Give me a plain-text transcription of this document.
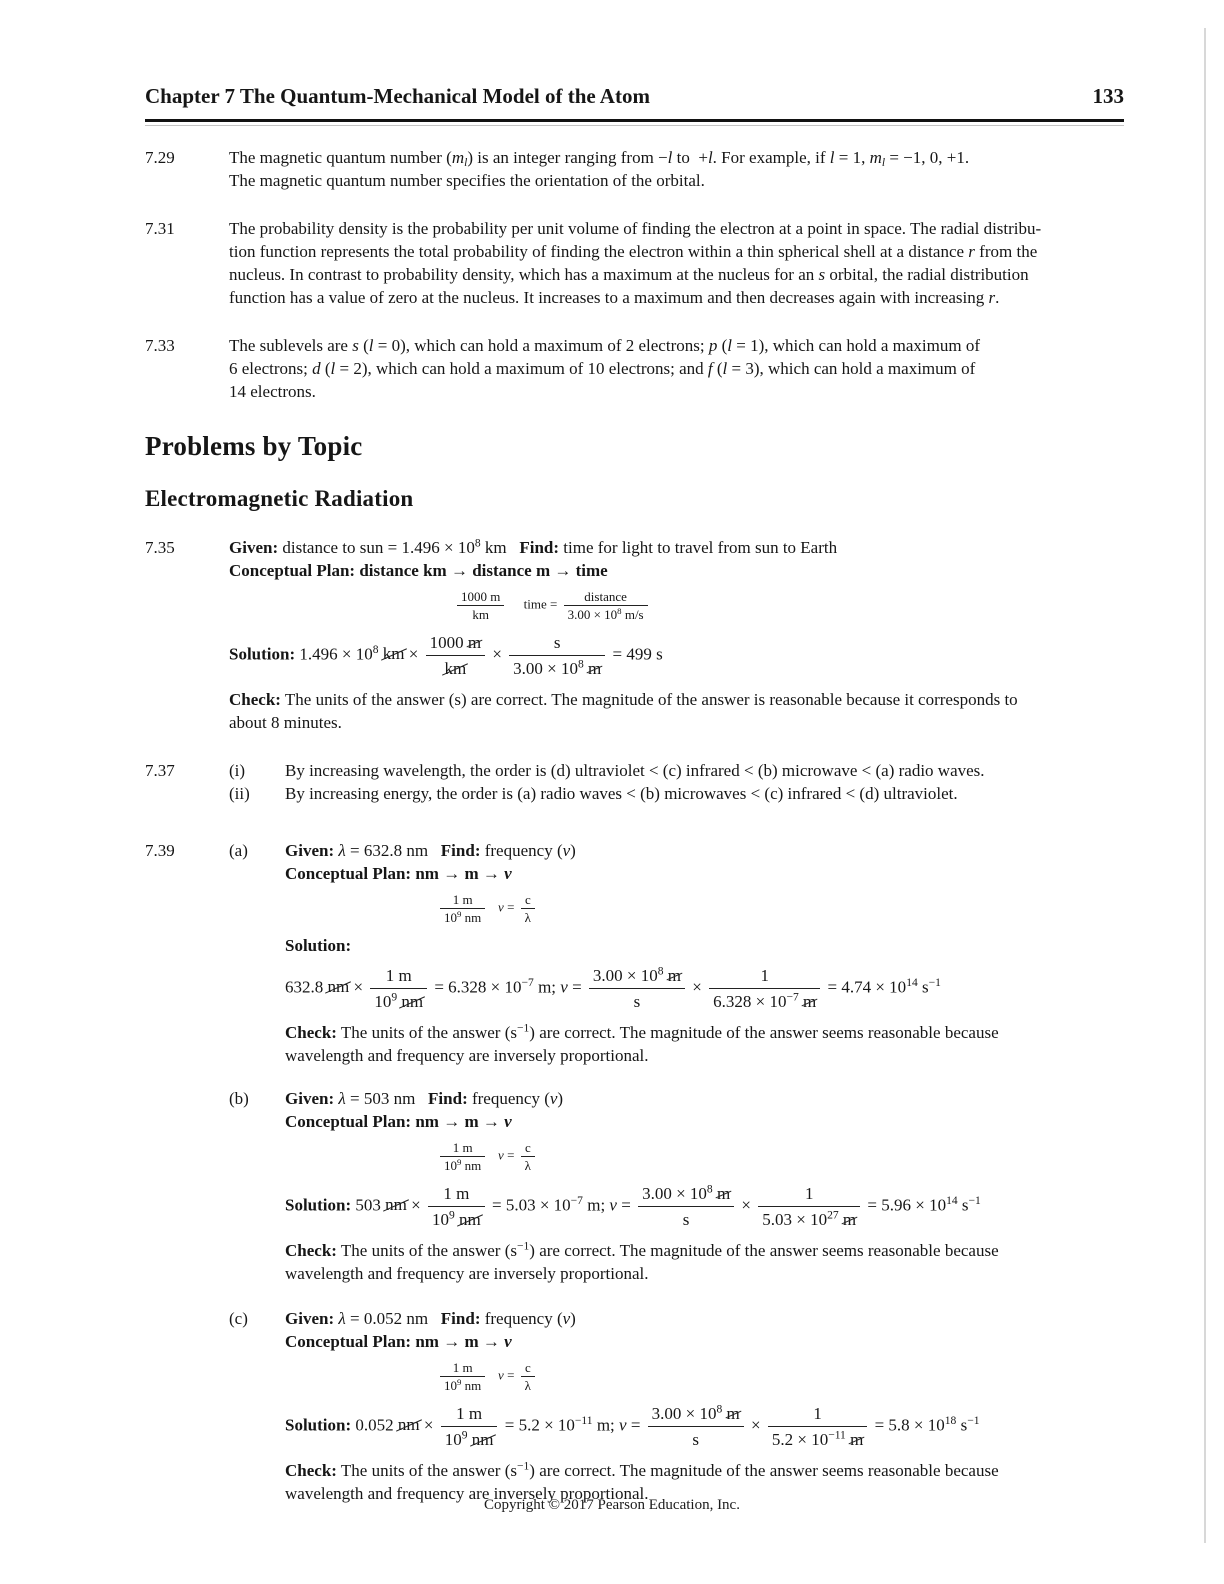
Chapter 7 The Quantum-Mechanical Model of the Atom	133
7.29	The magnetic quantum number (ml) is an integer ranging from −l to  +l. For example, if l = 1, ml = −1, 0, +1.
The magnetic quantum number specifies the orientation of the orbital.
7.31	The probability density is the probability per unit volume of finding the electron at a point in space. The radial distribu-
tion function represents the total probability of finding the electron within a thin spherical shell at a distance r from the
nucleus. In contrast to probability density, which has a maximum at the nucleus for an s orbital, the radial distribution
function has a value of zero at the nucleus. It increases to a maximum and then decreases again with increasing r.
7.33	The sublevels are s (l = 0), which can hold a maximum of 2 electrons; p (l = 1), which can hold a maximum of
6 electrons; d (l = 2), which can hold a maximum of 10 electrons; and f (l = 3), which can hold a maximum of
14 electrons.
Problems by Topic
Electromagnetic Radiation
7.35	Given: distance to sun = $1.496 \times 10^8$ km   Find: time for light to travel from sun to Earth
Conceptual Plan: distance km → distance m → time
$\frac{1000 m}{km}$ time = $\frac{\text{distance}}{3.00 \times 10^8 m/s}$
Solution: $1.496 \times 10^8$ km × $\frac{1000 m}{km} \times \frac{s}{3.00 \times 10^8 m} = 499$ s
Check: The units of the answer (s) are correct. The magnitude of the answer is reasonable because it corresponds to
about 8 minutes.
7.37	(i)	By increasing wavelength, the order is (d) ultraviolet < (c) infrared < (b) microwave < (a) radio waves.
(ii)	By increasing energy, the order is (a) radio waves < (b) microwaves < (c) infrared < (d) ultraviolet.
7.39	(a)	Given: λ = 632.8 nm   Find: frequency (ν)
Conceptual Plan: nm → m → ν
$\frac{1 m}{10^9 nm}$ $\nu = \frac{c}{\lambda}$
Solution:
632.8 nm × $\frac{1 m}{10^9 nm} = 6.328 \times 10^{-7}$ m; $\nu = \frac{3.00 \times 10^8 m}{s} \times \frac{1}{6.328 \times 10^{-7} m} = 4.74 \times 10^{14}$ $s^{-1}$
Check: The units of the answer $(s^{-1})$ are correct. The magnitude of the answer seems reasonable because
wavelength and frequency are inversely proportional.
(b)	Given: λ = 503 nm   Find: frequency (ν)
Conceptual Plan: nm → m → ν
$\frac{1 m}{10^9 nm}$ $\nu = \frac{c}{\lambda}$
Solution: 503 nm × $\frac{1 m}{10^9 nm} = 5.03 \times 10^{-7}$ m; $\nu = \frac{3.00 \times 10^8 m}{s} \times \frac{1}{5.03 \times 10^{27} m} = 5.96 \times 10^{14}$ $s^{-1}$
Check: The units of the answer $(s^{-1})$ are correct. The magnitude of the answer seems reasonable because
wavelength and frequency are inversely proportional.
(c)	Given: λ = 0.052 nm   Find: frequency (ν)
Conceptual Plan: nm → m → ν
$\frac{1 m}{10^9 nm}$ $\nu = \frac{c}{\lambda}$
Solution: 0.052 nm × $\frac{1 m}{10^9 nm} = 5.2 \times 10^{-11}$ m; $\nu = \frac{3.00 \times 10^8 m}{s} \times \frac{1}{5.2 \times 10^{-11} m} = 5.8 \times 10^{18}$ $s^{-1}$
Check: The units of the answer $(s^{-1})$ are correct. The magnitude of the answer seems reasonable because
wavelength and frequency are inversely proportional.
Copyright © 2017 Pearson Education, Inc.
